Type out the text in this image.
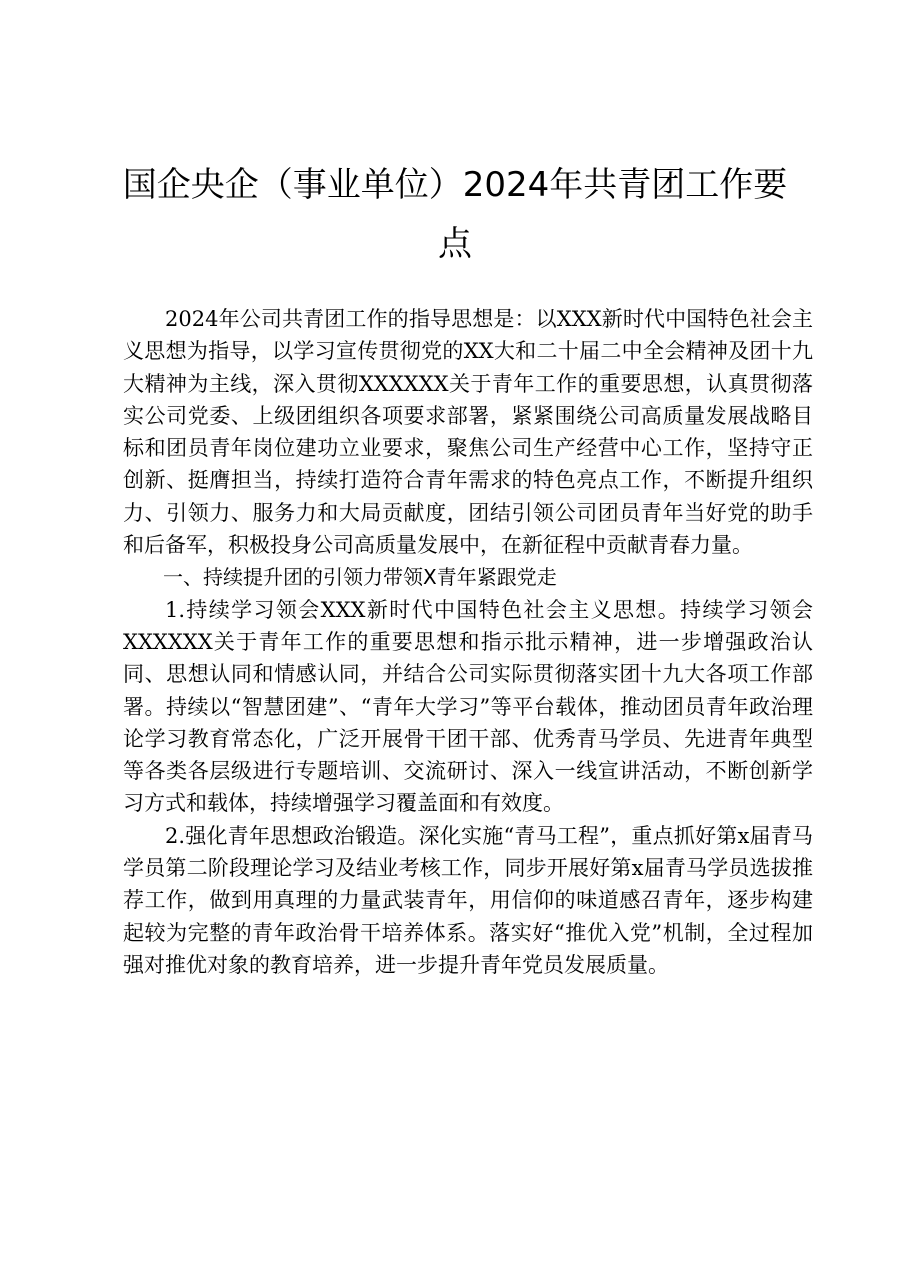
国企央企（事业单位）2024年共青团工作要点

2024年公司共青团工作的指导思想是：以XXX新时代中国特色社会主义思想为指导，以学习宣传贯彻党的XX大和二十届二中全会精神及团十九大精神为主线，深入贯彻XXXXXX关于青年工作的重要思想，认真贯彻落实公司党委、上级团组织各项要求部署，紧紧围绕公司高质量发展战略目标和团员青年岗位建功立业要求，聚焦公司生产经营中心工作，坚持守正创新、挺膺担当，持续打造符合青年需求的特色亮点工作，不断提升组织力、引领力、服务力和大局贡献度，团结引领公司团员青年当好党的助手和后备军，积极投身公司高质量发展中，在新征程中贡献青春力量。

一、持续提升团的引领力带领X青年紧跟党走

1.持续学习领会XXX新时代中国特色社会主义思想。持续学习领会XXXXXX关于青年工作的重要思想和指示批示精神，进一步增强政治认同、思想认同和情感认同，并结合公司实际贯彻落实团十九大各项工作部署。持续以“智慧团建”、“青年大学习”等平台载体，推动团员青年政治理论学习教育常态化，广泛开展骨干团干部、优秀青马学员、先进青年典型等各类各层级进行专题培训、交流研讨、深入一线宣讲活动，不断创新学习方式和载体，持续增强学习覆盖面和有效度。

2.强化青年思想政治锻造。深化实施“青马工程”，重点抓好第x届青马学员第二阶段理论学习及结业考核工作，同步开展好第x届青马学员选拔推荐工作，做到用真理的力量武装青年，用信仰的味道感召青年，逐步构建起较为完整的青年政治骨干培养体系。落实好“推优入党”机制，全过程加强对推优对象的教育培养，进一步提升青年党员发展质量。
